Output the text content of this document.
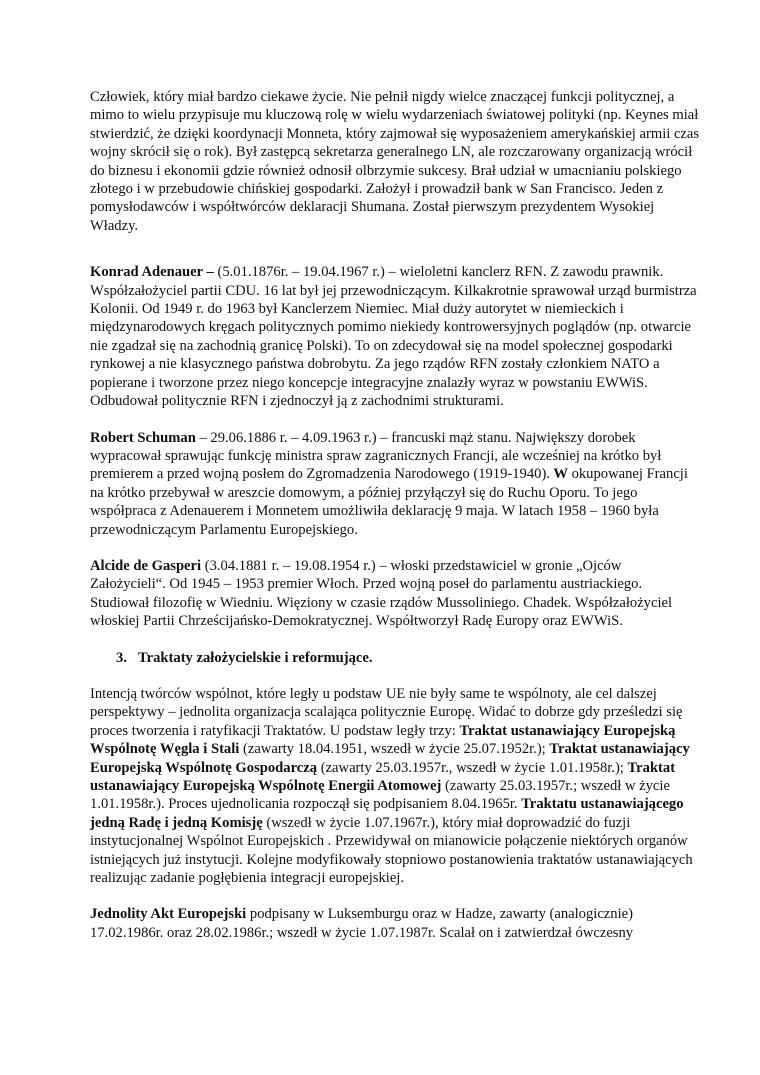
Człowiek, który miał bardzo ciekawe życie. Nie pełnił nigdy wielce znaczącej funkcji politycznej, a mimo to wielu przypisuje mu kluczową rolę w wielu wydarzeniach światowej polityki (np. Keynes miał stwierdzić, że dzięki koordynacji Monneta, który zajmował się wyposażeniem amerykańskiej armii czas wojny skrócił się o rok). Był zastępcą sekretarza generalnego LN, ale rozczarowany organizacją wrócił do biznesu i ekonomii gdzie również odnosił olbrzymie sukcesy. Brał udział w umacnianiu polskiego złotego i w przebudowie chińskiej gospodarki. Założył i prowadził bank w San Francisco. Jeden z pomysłodawców i współtwórców deklaracji Shumana. Został pierwszym prezydentem Wysokiej Władzy.

Konrad Adenauer – (5.01.1876r. – 19.04.1967 r.) – wieloletni kanclerz RFN. Z zawodu prawnik. Współzałożyciel partii CDU. 16 lat był jej przewodniczącym. Kilkakrotnie sprawował urząd burmistrza Kolonii. Od 1949 r. do 1963 był Kanclerzem Niemiec. Miał duży autorytet w niemieckich i międzynarodowych kręgach politycznych pomimo niekiedy kontrowersyjnych poglądów (np. otwarcie nie zgadzał się na zachodnią granicę Polski). To on zdecydował się na model społecznej gospodarki rynkowej a nie klasycznego państwa dobrobytu. Za jego rządów RFN zostały członkiem NATO a popierane i tworzone przez niego koncepcje integracyjne znalazły wyraz w powstaniu EWWiS. Odbudował politycznie RFN i zjednoczył ją z zachodnimi strukturami.

Robert Schuman – 29.06.1886 r. – 4.09.1963 r.) – francuski mąż stanu. Największy dorobek wypracował sprawując funkcję ministra spraw zagranicznych Francji, ale wcześniej na krótko był premierem a przed wojną posłem do Zgromadzenia Narodowego (1919-1940). W okupowanej Francji na krótko przebywał w areszcie domowym, a później przyłączył się do Ruchu Oporu. To jego współpraca z Adenauerem i Monnetem umożliwiła deklarację 9 maja. W latach 1958 – 1960 była przewodniczącym Parlamentu Europejskiego.

Alcide de Gasperi (3.04.1881 r. – 19.08.1954 r.) – włoski przedstawiciel w gronie „Ojców Założycieli“. Od 1945 – 1953 premier Włoch. Przed wojną poseł do parlamentu austriackiego. Studiował filozofię w Wiedniu. Więziony w czasie rządów Mussoliniego. Chadek. Współzałożyciel włoskiej Partii Chrześcijańsko-Demokratycznej. Współtworzył Radę Europy oraz EWWiS.

3. Traktaty założycielskie i reformujące.

Intencją twórców wspólnot, które legły u podstaw UE nie były same te wspólnoty, ale cel dalszej perspektywy – jednolita organizacja scalająca politycznie Europę. Widać to dobrze gdy prześledzi się proces tworzenia i ratyfikacji Traktatów. U podstaw legły trzy: Traktat ustanawiający Europejską Wspólnotę Węgla i Stali (zawarty 18.04.1951, wszedł w życie 25.07.1952r.); Traktat ustanawiający Europejską Wspólnotę Gospodarczą (zawarty 25.03.1957r., wszedł w życie 1.01.1958r.); Traktat ustanawiający Europejską Wspólnotę Energii Atomowej (zawarty 25.03.1957r.; wszedł w życie 1.01.1958r.). Proces ujednolicania rozpoczął się podpisaniem 8.04.1965r. Traktatu ustanawiającego jedną Radę i jedną Komisję (wszedł w życie 1.07.1967r.), który miał doprowadzić do fuzji instytucjonalnej Wspólnot Europejskich . Przewidywał on mianowicie połączenie niektórych organów istniejących już instytucji. Kolejne modyfikowały stopniowo postanowienia traktatów ustanawiających realizując zadanie pogłębienia integracji europejskiej.

Jednolity Akt Europejski podpisany w Luksemburgu oraz w Hadze, zawarty (analogicznie) 17.02.1986r. oraz 28.02.1986r.; wszedł w życie 1.07.1987r. Scalał on i zatwierdzał ówczesny
